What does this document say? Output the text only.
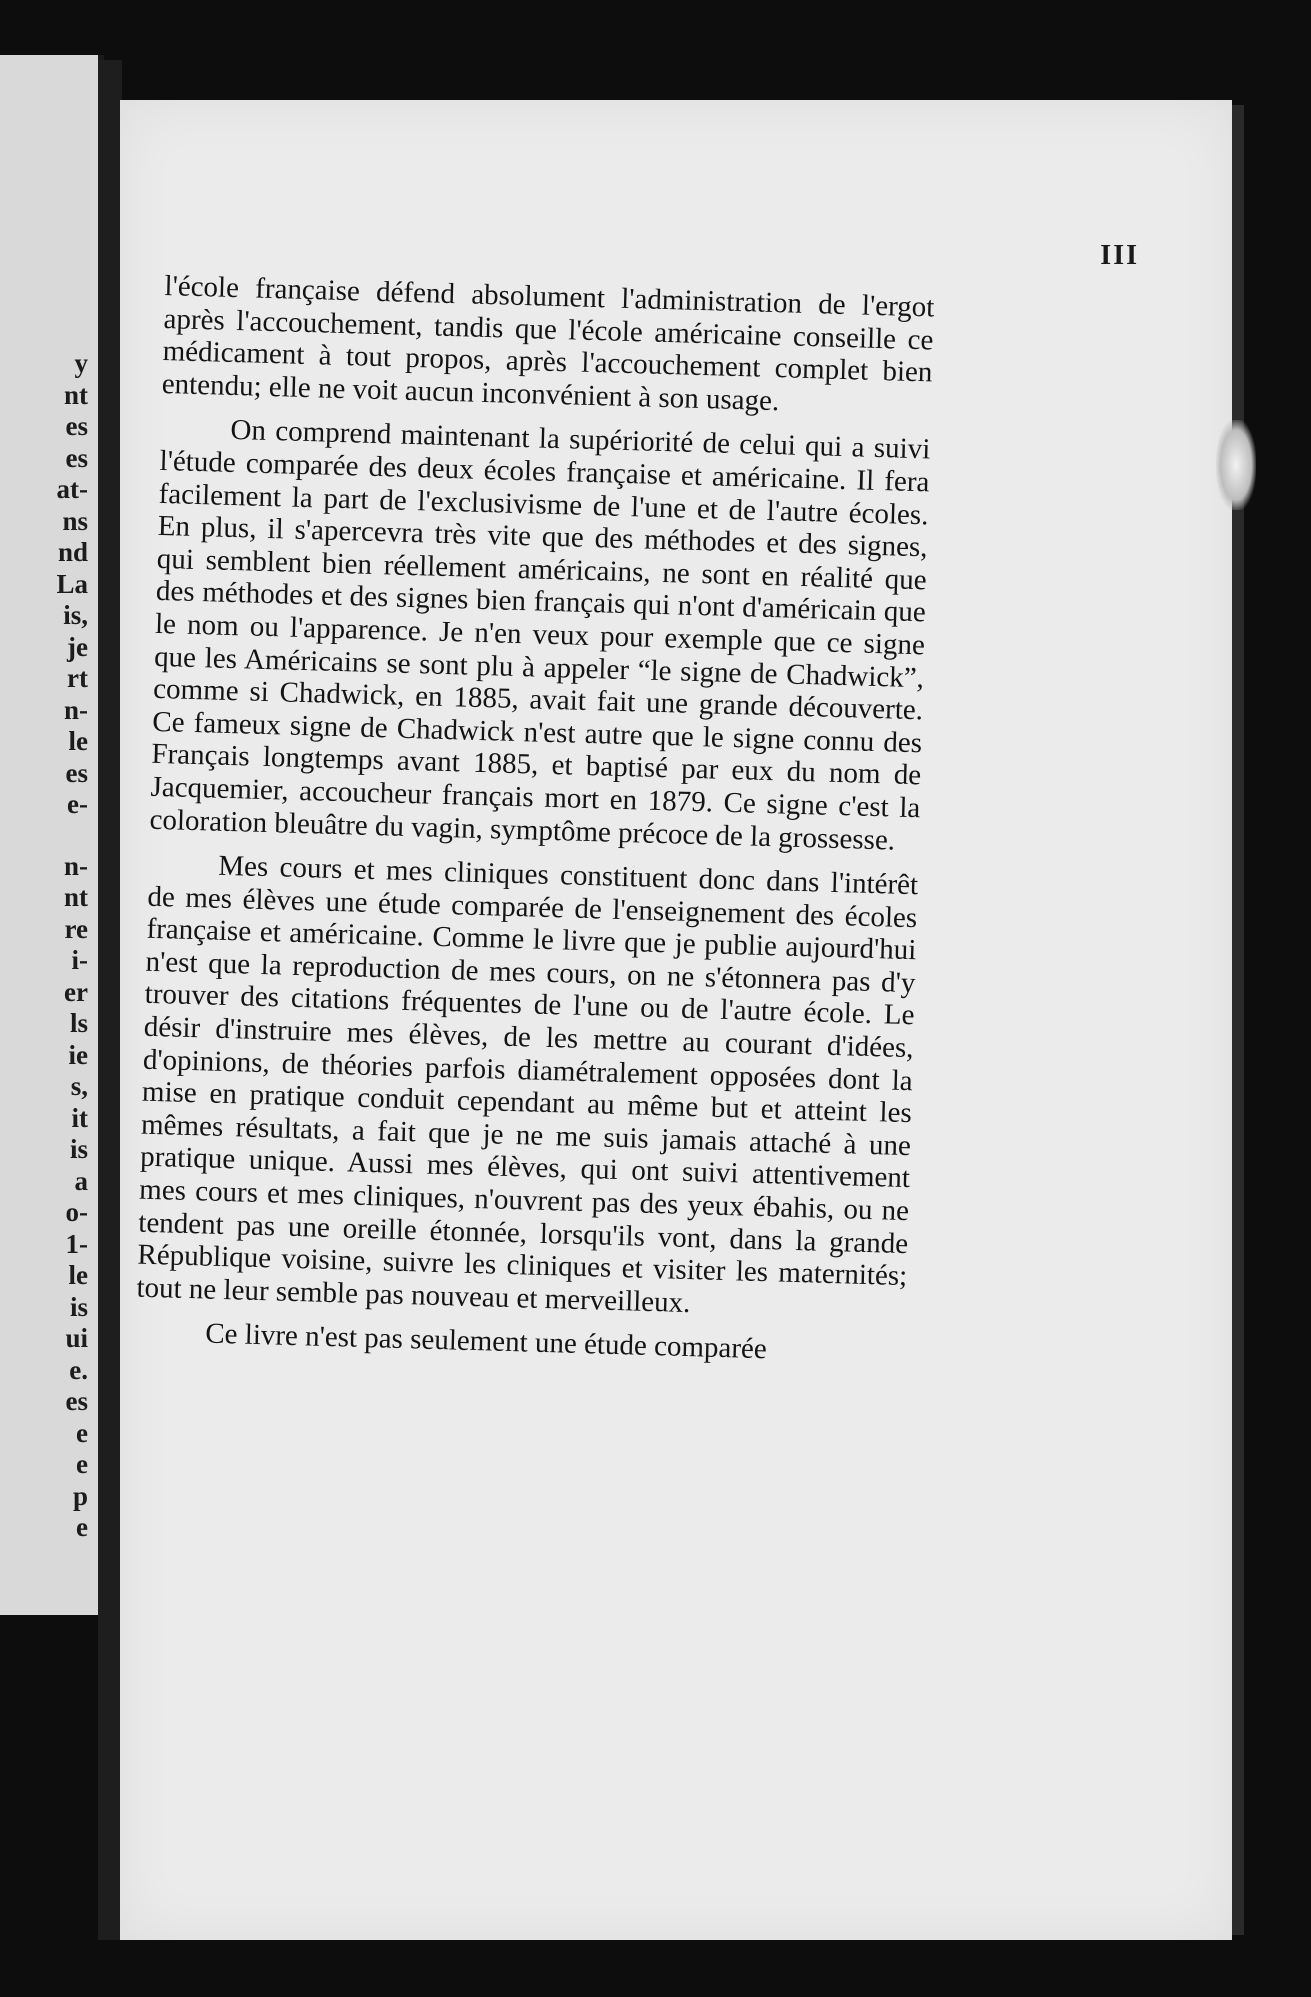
y
nt
es
es
at-
ns
nd
La
is,
je
rt
n-
le
es
e-
n-
nt
re
i-
er
ls
ie
s,
it
is
a
o-
1-
le
is
ui
e.
es
e
e
p
e
III

l'école française défend absolument l'administration de l'ergot après l'accouchement, tandis que l'école américaine conseille ce médicament à tout propos, après l'accouchement complet bien entendu; elle ne voit aucun inconvénient à son usage.

On comprend maintenant la supériorité de celui qui a suivi l'étude comparée des deux écoles française et américaine. Il fera facilement la part de l'exclusivisme de l'une et de l'autre écoles. En plus, il s'apercevra très vite que des méthodes et des signes, qui semblent bien réellement américains, ne sont en réalité que des méthodes et des signes bien français qui n'ont d'américain que le nom ou l'apparence. Je n'en veux pour exemple que ce signe que les Américains se sont plu à appeler “le signe de Chadwick”, comme si Chadwick, en 1885, avait fait une grande découverte. Ce fameux signe de Chadwick n'est autre que le signe connu des Français longtemps avant 1885, et baptisé par eux du nom de Jacquemier, accoucheur français mort en 1879. Ce signe c'est la coloration bleuâtre du vagin, symptôme précoce de la grossesse.

Mes cours et mes cliniques constituent donc dans l'intérêt de mes élèves une étude comparée de l'enseignement des écoles française et américaine. Comme le livre que je publie aujourd'hui n'est que la reproduction de mes cours, on ne s'étonnera pas d'y trouver des citations fréquentes de l'une ou de l'autre école. Le désir d'instruire mes élèves, de les mettre au courant d'idées, d'opinions, de théories parfois diamétralement opposées dont la mise en pratique conduit cependant au même but et atteint les mêmes résultats, a fait que je ne me suis jamais attaché à une pratique unique. Aussi mes élèves, qui ont suivi attentivement mes cours et mes cliniques, n'ouvrent pas des yeux ébahis, ou ne tendent pas une oreille étonnée, lorsqu'ils vont, dans la grande République voisine, suivre les cliniques et visiter les maternités; tout ne leur semble pas nouveau et merveilleux.

Ce livre n'est pas seulement une étude comparée
